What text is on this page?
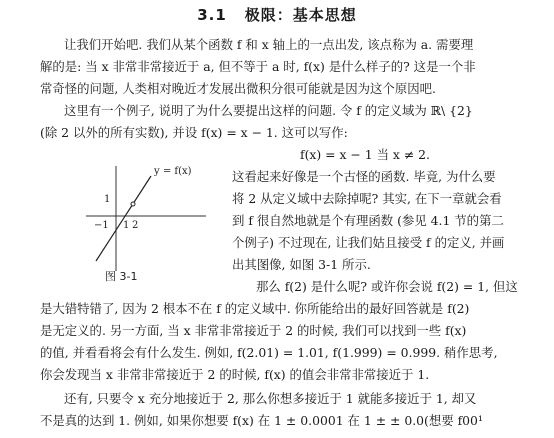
3.1 极限：基本思想
让我们开始吧. 我们从某个函数 f 和 x 轴上的一点出发, 该点称为 a. 需要理
解的是: 当 x 非常非常接近于 a, 但不等于 a 时, f(x) 是什么样子的? 这是一个非
常奇怪的问题, 人类相对晚近才发展出微积分很可能就是因为这个原因吧.
这里有一个例子, 说明了为什么要提出这样的问题. 令 f 的定义域为 ℝ\ {2}
(除 2 以外的所有实数), 并设 f(x) = x − 1. 这可以写作:
f(x) = x − 1 当 x ≠ 2.
y = f(x)
1
−1 1 2
图 3-1
这看起来好像是一个古怪的函数. 毕竟, 为什么要
将 2 从定义域中去除掉呢? 其实, 在下一章就会看
到 f 很自然地就是个有理函数 (参见 4.1 节的第二
个例子) 不过现在, 让我们姑且接受 f 的定义, 并画
出其图像, 如图 3-1 所示.
那么 f(2) 是什么呢? 或许你会说 f(2) = 1, 但这
是大错特错了, 因为 2 根本不在 f 的定义域中. 你所能给出的最好回答就是 f(2)
是无定义的. 另一方面, 当 x 非常非常接近于 2 的时候, 我们可以找到一些 f(x)
的值, 并看看将会有什么发生. 例如, f(2.01) = 1.01, f(1.999) = 0.999. 稍作思考,
你会发现当 x 非常非常接近于 2 的时候, f(x) 的值会非常非常接近于 1.
还有, 只要令 x 充分地接近于 2, 那么你想多接近于 1 就能多接近于 1, 却又
不是真的达到 1. 例如, 如果你想要 f(x) 在 1 ± 0.0001 在 1 ± ± 0.0(想要 f00¹
